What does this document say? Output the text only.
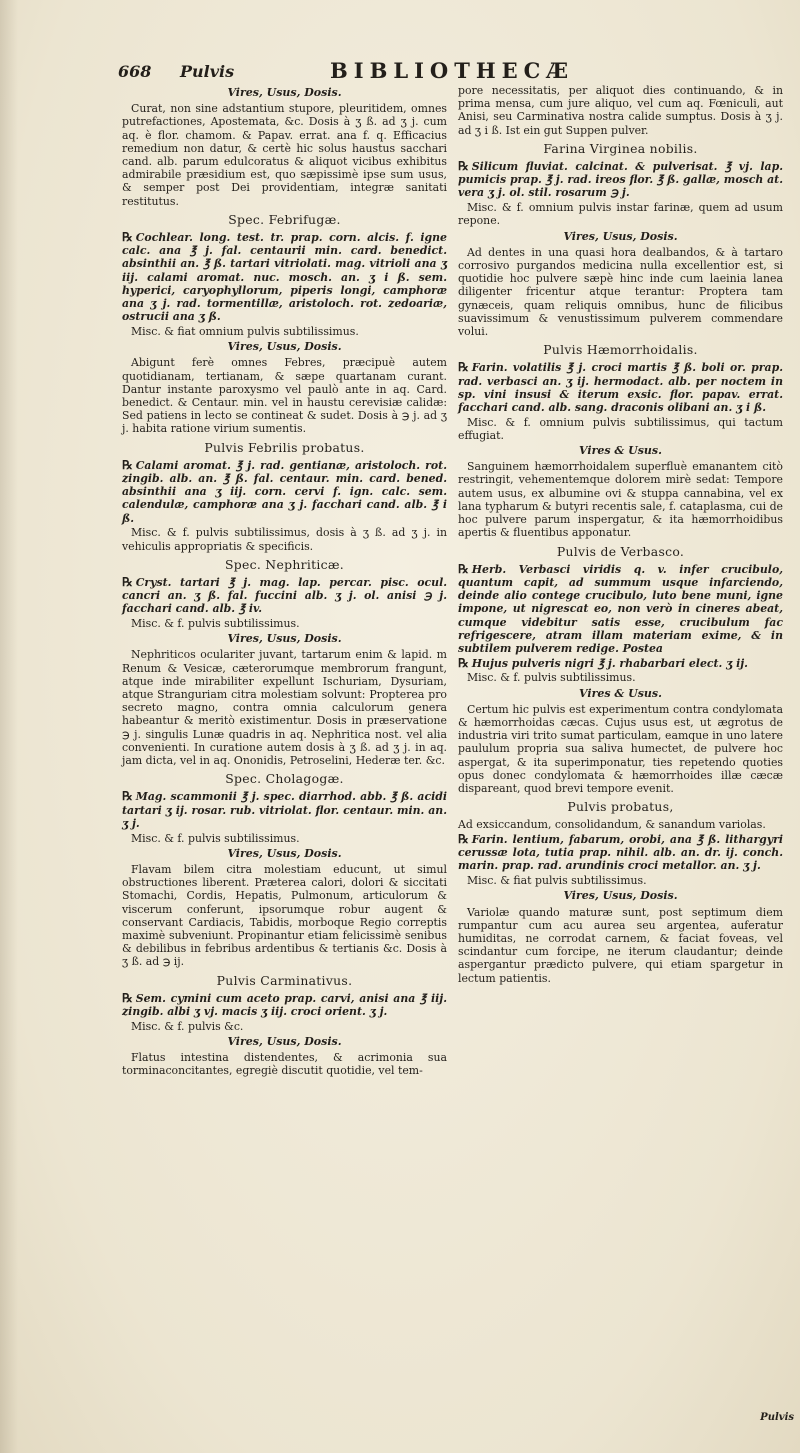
668 Pulvis	BIBLIOTHECÆ

Vires, Usus, Dosis.

Curat, non sine adstantium stupore, pleuritidem, omnes putrefactiones, Apostemata, &c. Dosis à ʒ ß. ad ʒ j. cum aq. è flor. chamom. & Papav. errat. ana f. q. Efficacius remedium non datur, & certè hic solus haustus sacchari cand. alb. parum edulcoratus & aliquot vicibus exhibitus admirabile præsidium est, quo sæpissimè ipse sum usus, & semper post Dei providentiam, integræ sanitati restitutus.

Spec. Febrifugæ.

℞ Cochlear. long. test. tr. prap. corn. alcis. f. igne calc. ana ℥ j. fal. centaurii min. card. benedict. absinthii an. ℥ ß. tartari vitriolati. mag. vitrioli ana ʒ iij. calami aromat. nuc. mosch. an. ʒ i ß. sem. hyperici, caryophyllorum, piperis longi, camphoræ ana ʒ j. rad. tormentillæ, aristoloch. rot. zedoariæ, ostrucii ana ʒ ß.

Misc. & fiat omnium pulvis subtilissimus.

Vires, Usus, Dosis.

Abigunt ferè omnes Febres, præcipuè autem quotidianam, tertianam, & sæpe quartanam curant. Dantur instante paroxysmo vel paulò ante in aq. Card. benedict. & Centaur. min. vel in haustu cerevisiæ calidæ: Sed patiens in lecto se contineat & sudet. Dosis à ℈ j. ad ʒ j. habita ratione virium sumentis.

Pulvis Febrilis probatus.

℞ Calami aromat. ℥ j. rad. gentianæ, aristoloch. rot. zingib. alb. an. ℥ ß. fal. centaur. min. card. bened. absinthii ana ʒ iij. corn. cervi f. ign. calc. sem. calendulæ, camphoræ ana ʒ j. facchari cand. alb. ℥ i ß.

Misc. & f. pulvis subtilissimus, dosis à ʒ ß. ad ʒ j. in vehiculis appropriatis & specificis.

Spec. Nephriticæ.

℞ Cryst. tartari ℥ j. mag. lap. percar. pisc. ocul. cancri an. ʒ ß. fal. fuccini alb. ʒ j. ol. anisi ℈ j. facchari cand. alb. ℥ iv.

Misc. & f. pulvis subtilissimus.

Vires, Usus, Dosis.

Nephriticos oculariter juvant, tartarum enim & lapid. m Renum & Vesicæ, cæterorumque membrorum frangunt, atque inde mirabiliter expellunt Ischuriam, Dysuriam, atque Stranguriam citra molestiam solvunt: Propterea pro secreto magno, contra omnia calculorum genera habeantur & meritò existimentur. Dosis in præservatione ℈ j. singulis Lunæ quadris in aq. Nephritica nost. vel alia convenienti. In curatione autem dosis à ʒ ß. ad ʒ j. in aq. jam dicta, vel in aq. Ononidis, Petroselini, Hederæ ter. &c.

Spec. Cholagogæ.

℞ Mag. scammonii ℥ j. spec. diarrhod. abb. ℥ ß. acidi tartari ʒ ij. rosar. rub. vitriolat. flor. centaur. min. an. ʒ j.

Misc. & f. pulvis subtilissimus.

Vires, Usus, Dosis.

Flavam bilem citra molestiam educunt, ut simul obstructiones liberent. Præterea calori, dolori & siccitati Stomachi, Cordis, Hepatis, Pulmonum, articulorum & viscerum conferunt, ipsorumque robur augent & conservant Cardiacis, Tabidis, morboque Regio correptis maximè subveniunt. Propinantur etiam felicissimè senibus & debilibus in febribus ardentibus & tertianis &c. Dosis à ʒ ß. ad ℈ ij.

Pulvis Carminativus.

℞ Sem. cymini cum aceto prap. carvi, anisi ana ℥ iij. zingib. albi ʒ vj. macis ʒ iij. croci orient. ʒ j.

Misc. & f. pulvis &c.

Vires, Usus, Dosis.

Flatus intestina distendentes, & acrimonia sua torminaconcitantes, egregiè discutit quotidie, vel tem-

pore necessitatis, per aliquot dies continuando, & in prima mensa, cum jure aliquo, vel cum aq. Fœniculi, aut Anisi, seu Carminativa nostra calide sumptus. Dosis à ʒ j. ad ʒ i ß. Ist ein gut Suppen pulver.

Farina Virginea nobilis.

℞ Silicum fluviat. calcinat. & pulverisat. ℥ vj. lap. pumicis prap. ℥ j. rad. ireos flor. ℥ ß. gallæ, mosch at. vera ʒ j. ol. stil. rosarum ℈ j.

Misc. & f. omnium pulvis instar farinæ, quem ad usum repone.

Vires, Usus, Dosis.

Ad dentes in una quasi hora dealbandos, & à tartaro corrosivo purgandos medicina nulla excellentior est, si quotidie hoc pulvere sæpè hinc inde cum laeinia lanea diligenter fricentur atque terantur: Proptera tam gynæceis, quam reliquis omnibus, hunc de filicibus suavissimum & venustissimum pulverem commendare volui.

Pulvis Hæmorrhoidalis.

℞ Farin. volatilis ℥ j. croci martis ℥ ß. boli or. prap. rad. verbasci an. ʒ ij. hermodact. alb. per noctem in sp. vini insusi & iterum exsic. flor. papav. errat. facchari cand. alb. sang. draconis olibani an. ʒ i ß.

Misc. & f. omnium pulvis subtilissimus, qui tactum effugiat.

Vires & Usus.

Sanguinem hæmorrhoidalem superfluè emanantem citò restringit, vehementemque dolorem mirè sedat: Tempore autem usus, ex albumine ovi & stuppa cannabina, vel ex lana typharum & butyri recentis sale, f. cataplasma, cui de hoc pulvere parum inspergatur, & ita hæmorrhoidibus apertis & fluentibus apponatur.

Pulvis de Verbasco.

℞ Herb. Verbasci viridis q. v. infer crucibulo, quantum capit, ad summum usque infarciendo, deinde alio contege crucibulo, luto bene muni, igne impone, ut nigrescat eo, non verò in cineres abeat, cumque videbitur satis esse, crucibulum fac refrigescere, atram illam materiam exime, & in subtilem pulverem redige. Postea

℞ Hujus pulveris nigri ℥ j. rhabarbari elect. ʒ ij.

Misc. & f. pulvis subtilissimus.

Vires & Usus.

Certum hic pulvis est experimentum contra condylomata & hæmorrhoidas cæcas. Cujus usus est, ut ægrotus de industria viri trito sumat particulam, eamque in uno latere paululum propria sua saliva humectet, de pulvere hoc aspergat, & ita superimponatur, ties repetendo quoties opus donec condylomata & hæmorrhoides illæ cæcæ dispareant, quod brevi tempore evenit.

Pulvis probatus,

Ad exsiccandum, consolidandum, & sanandum variolas.

℞ Farin. lentium, fabarum, orobi, ana ℥ ß. lithargyri cerussæ lota, tutia prap. nihil. alb. an. dr. ij. conch. marin. prap. rad. arundinis croci metallor. an. ʒ j.

Misc. & fiat pulvis subtilissimus.

Vires, Usus, Dosis.

Variolæ quando maturæ sunt, post septimum diem rumpantur cum acu aurea seu argentea, auferatur humiditas, ne corrodat carnem, & faciat foveas, vel scindantur cum forcipe, ne iterum claudantur; deinde aspergantur prædicto pulvere, qui etiam spargetur in lectum patientis.

Pulvis
